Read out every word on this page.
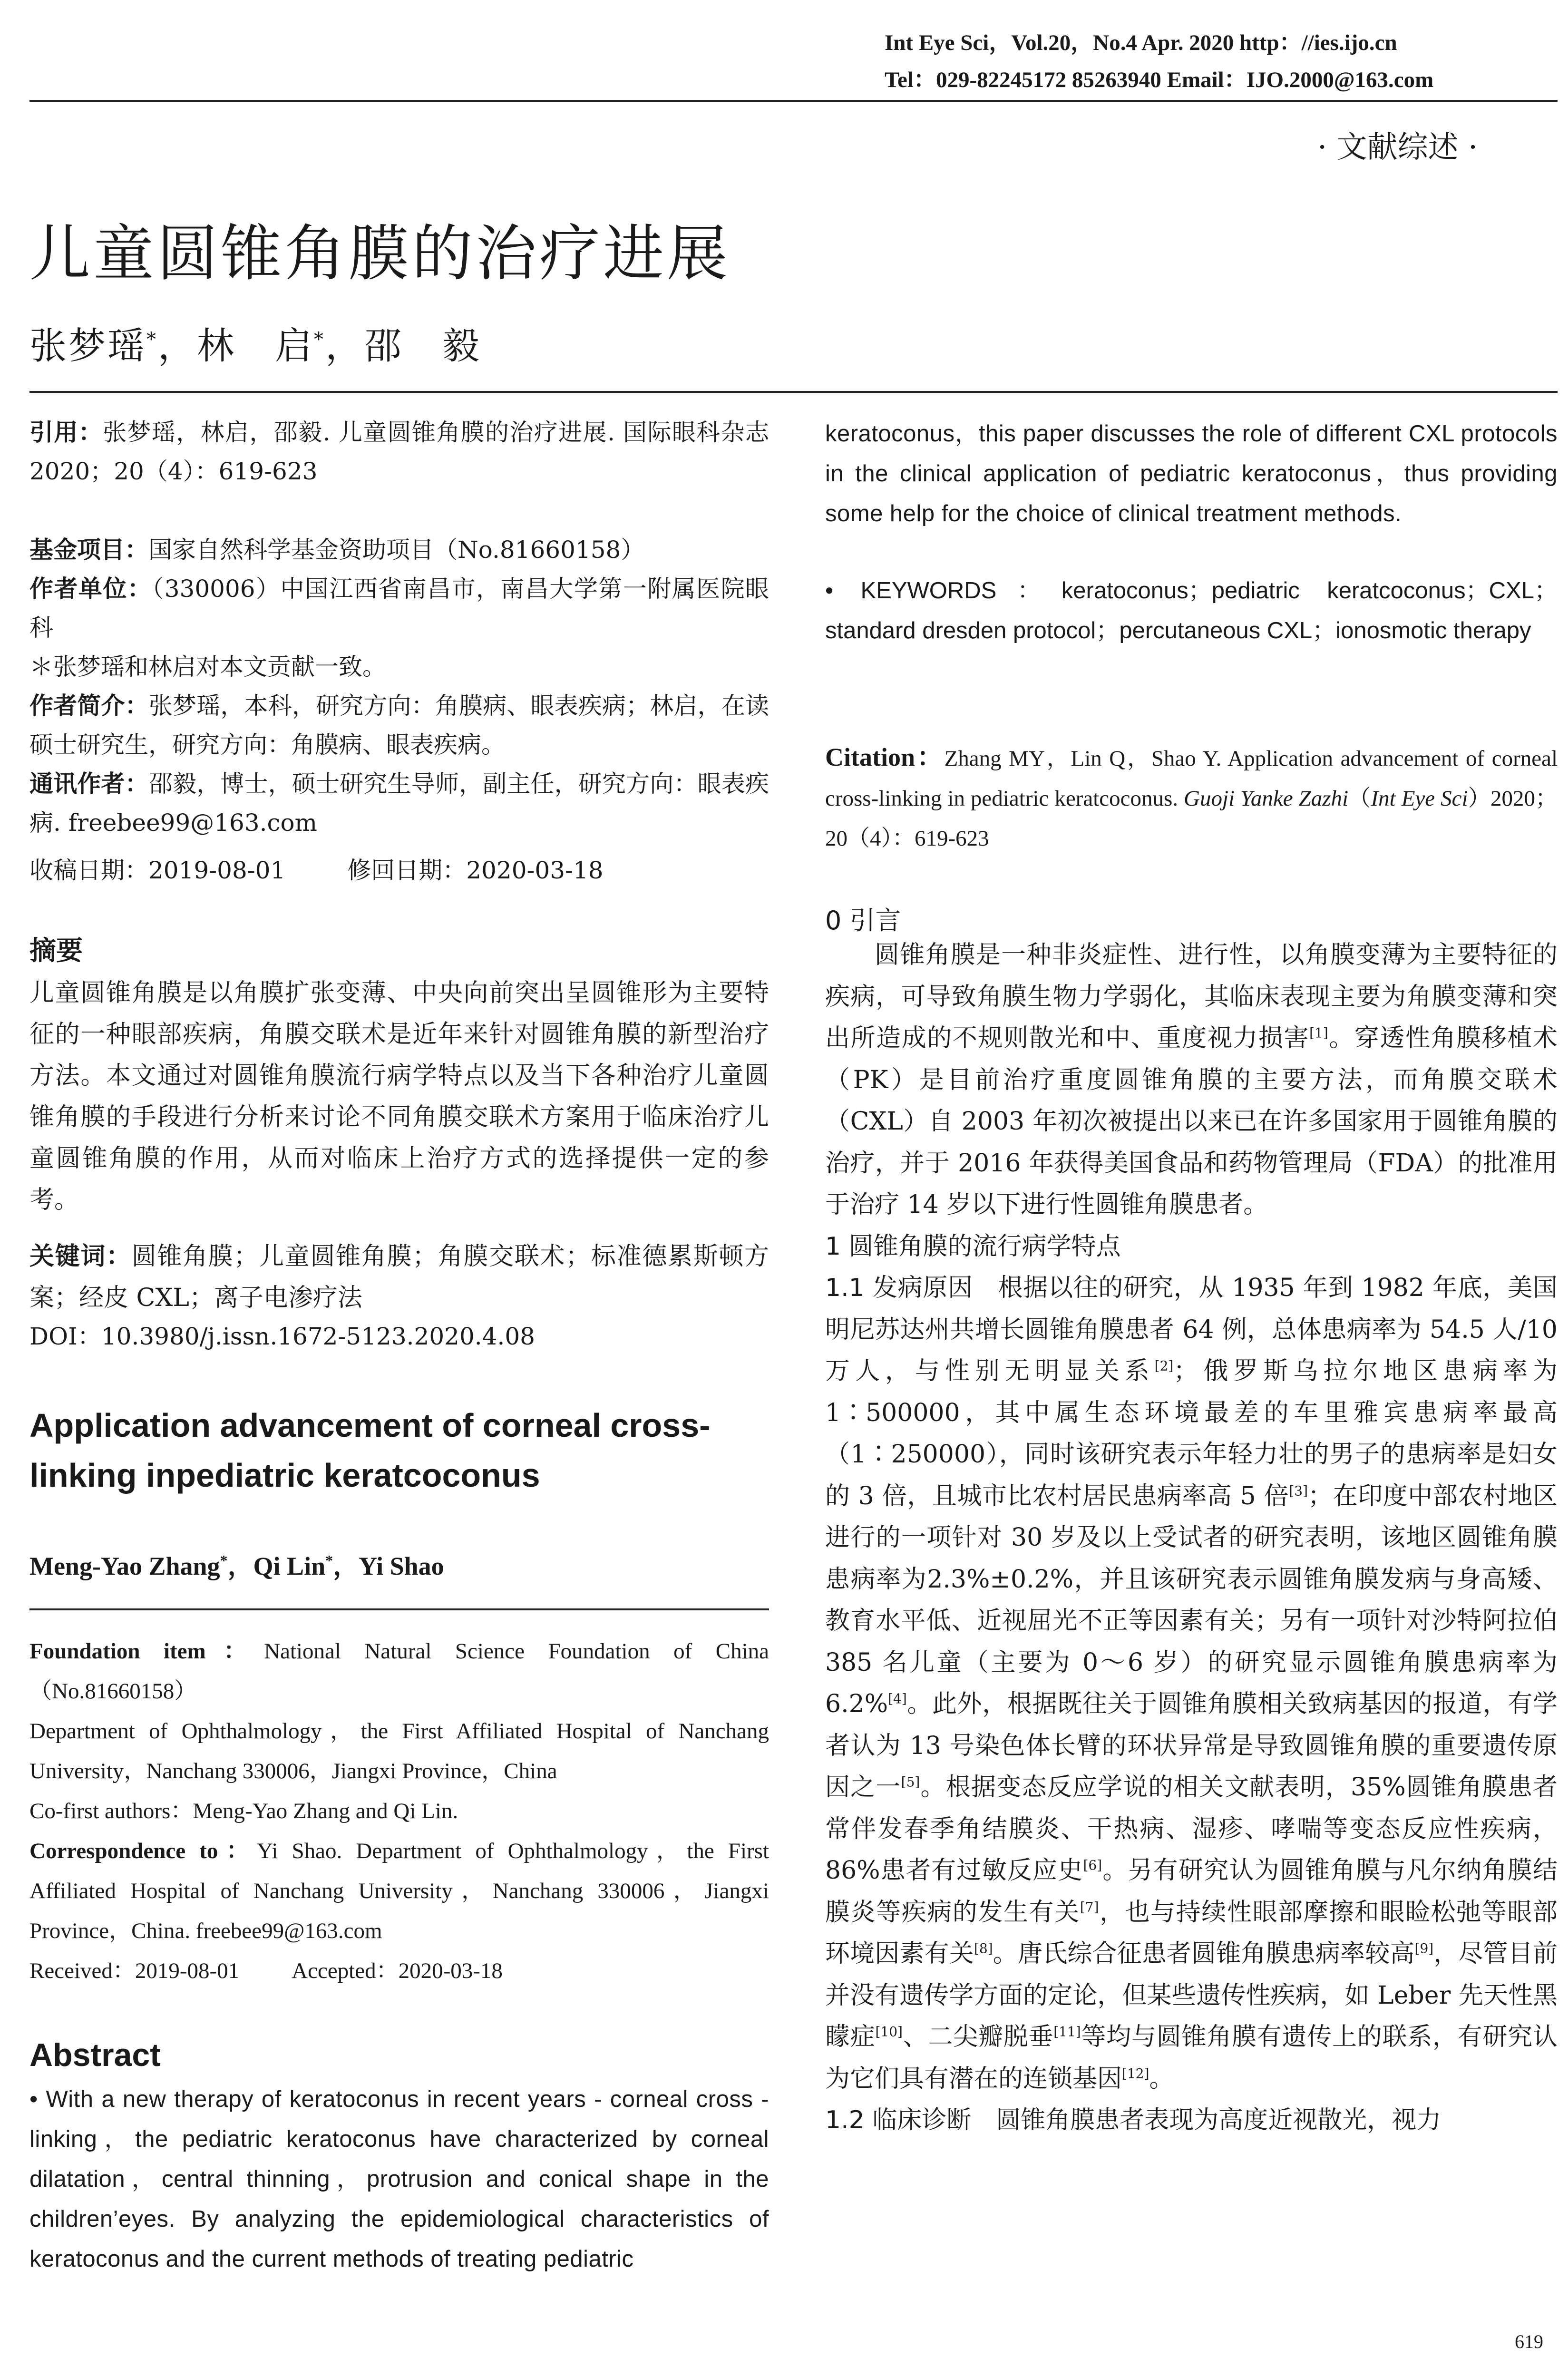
Int Eye Sci，Vol.20，No.4 Apr. 2020 http：//ies.ijo.cn
Tel：029-82245172 85263940 Email：IJO.2000@163.com
· 文献综述 ·
儿童圆锥角膜的治疗进展
张梦瑶*，林　启*，邵　毅
引用：张梦瑶，林启，邵毅. 儿童圆锥角膜的治疗进展. 国际眼科杂志 2020；20（4）：619-623
基金项目：国家自然科学基金资助项目（No.81660158）
作者单位：（330006）中国江西省南昌市，南昌大学第一附属医院眼科
＊张梦瑶和林启对本文贡献一致。
作者简介：张梦瑶，本科，研究方向：角膜病、眼表疾病；林启，在读硕士研究生，研究方向：角膜病、眼表疾病。
通讯作者：邵毅，博士，硕士研究生导师，副主任，研究方向：眼表疾病. freebee99@163.com
收稿日期：2019-08-01	修回日期：2020-03-18
摘要
儿童圆锥角膜是以角膜扩张变薄、中央向前突出呈圆锥形为主要特征的一种眼部疾病，角膜交联术是近年来针对圆锥角膜的新型治疗方法。本文通过对圆锥角膜流行病学特点以及当下各种治疗儿童圆锥角膜的手段进行分析来讨论不同角膜交联术方案用于临床治疗儿童圆锥角膜的作用，从而对临床上治疗方式的选择提供一定的参考。
关键词：圆锥角膜；儿童圆锥角膜；角膜交联术；标准德累斯顿方案；经皮 CXL；离子电渗疗法
DOI：10.3980/j.issn.1672-5123.2020.4.08
Application advancement of corneal cross-linking inpediatric keratcoconus
Meng-Yao Zhang*，Qi Lin*，Yi Shao
Foundation item：National Natural Science Foundation of China（No.81660158）
Department of Ophthalmology，the First Affiliated Hospital of Nanchang University，Nanchang 330006，Jiangxi Province，China
Co-first authors：Meng-Yao Zhang and Qi Lin.
Correspondence to：Yi Shao. Department of Ophthalmology，the First Affiliated Hospital of Nanchang University，Nanchang 330006，Jiangxi Province，China. freebee99@163.com
Received：2019-08-01 Accepted：2020-03-18
Abstract
• With a new therapy of keratoconus in recent years - corneal cross - linking，the pediatric keratoconus have characterized by corneal dilatation，central thinning，protrusion and conical shape in the children’eyes. By analyzing the epidemiological characteristics of keratoconus and the current methods of treating pediatric
keratoconus，this paper discusses the role of different CXL protocols in the clinical application of pediatric keratoconus，thus providing some help for the choice of clinical treatment methods.
• KEYWORDS：keratoconus；pediatric keratcoconus；CXL；standard dresden protocol；percutaneous CXL；ionosmotic therapy
Citation：Zhang MY，Lin Q，Shao Y. Application advancement of corneal cross-linking in pediatric keratcoconus. Guoji Yanke Zazhi（Int Eye Sci）2020；20（4）：619-623
0 引言

圆锥角膜是一种非炎症性、进行性，以角膜变薄为主要特征的疾病，可导致角膜生物力学弱化，其临床表现主要为角膜变薄和突出所造成的不规则散光和中、重度视力损害[1]。穿透性角膜移植术（PK）是目前治疗重度圆锥角膜的主要方法，而角膜交联术（CXL）自 2003 年初次被提出以来已在许多国家用于圆锥角膜的治疗，并于 2016 年获得美国食品和药物管理局（FDA）的批准用于治疗 14 岁以下进行性圆锥角膜患者。

1 圆锥角膜的流行病学特点

1.1 发病原因　根据以往的研究，从 1935 年到 1982 年底，美国明尼苏达州共增长圆锥角膜患者 64 例，总体患病率为 54.5 人/10 万人，与性别无明显关系[2]；俄罗斯乌拉尔地区患病率为 1∶500000，其中属生态环境最差的车里雅宾患病率最高（1∶250000），同时该研究表示年轻力壮的男子的患病率是妇女的 3 倍，且城市比农村居民患病率高 5 倍[3]；在印度中部农村地区进行的一项针对 30 岁及以上受试者的研究表明，该地区圆锥角膜患病率为2.3%±0.2%，并且该研究表示圆锥角膜发病与身高矮、教育水平低、近视屈光不正等因素有关；另有一项针对沙特阿拉伯 385 名儿童（主要为 0～6 岁）的研究显示圆锥角膜患病率为 6.2%[4]。此外，根据既往关于圆锥角膜相关致病基因的报道，有学者认为 13 号染色体长臂的环状异常是导致圆锥角膜的重要遗传原因之一[5]。根据变态反应学说的相关文献表明，35%圆锥角膜患者常伴发春季角结膜炎、干热病、湿疹、哮喘等变态反应性疾病，86%患者有过敏反应史[6]。另有研究认为圆锥角膜与凡尔纳角膜结膜炎等疾病的发生有关[7]，也与持续性眼部摩擦和眼睑松弛等眼部环境因素有关[8]。唐氏综合征患者圆锥角膜患病率较高[9]，尽管目前并没有遗传学方面的定论，但某些遗传性疾病，如 Leber 先天性黑矇症[10]、二尖瓣脱垂[11]等均与圆锥角膜有遗传上的联系，有研究认为它们具有潜在的连锁基因[12]。

1.2 临床诊断　圆锥角膜患者表现为高度近视散光，视力

619
